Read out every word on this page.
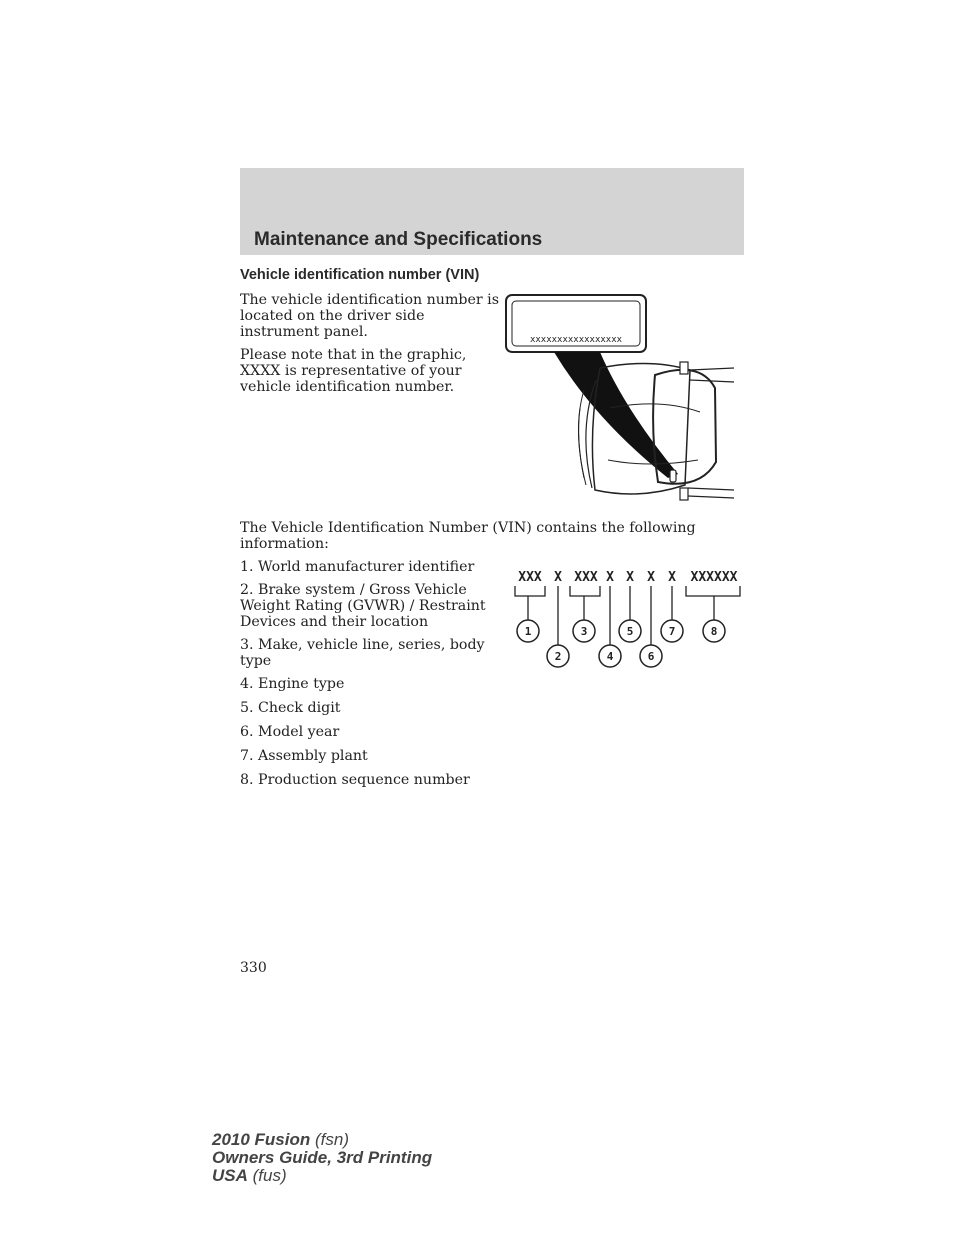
Maintenance and Specifications
Vehicle identification number (VIN)

The vehicle identification number is
located on the driver side
instrument panel.

Please note that in the graphic,
XXXX is representative of your
vehicle identification number.

xxxxxxxxxxxxxxxxx

The Vehicle Identification Number (VIN) contains the following
information:

1. World manufacturer identifier

2. Brake system / Gross Vehicle
Weight Rating (GVWR) / Restraint
Devices and their location

3. Make, vehicle line, series, body
type

4. Engine type

5. Check digit

6. Model year

7. Assembly plant

8. Production sequence number

XXX X XXX X X X X XXXXXX
1
2
3
4
5
6
7	8
330
2010 Fusion (fsn)
Owners Guide, 3rd Printing
USA (fus)
